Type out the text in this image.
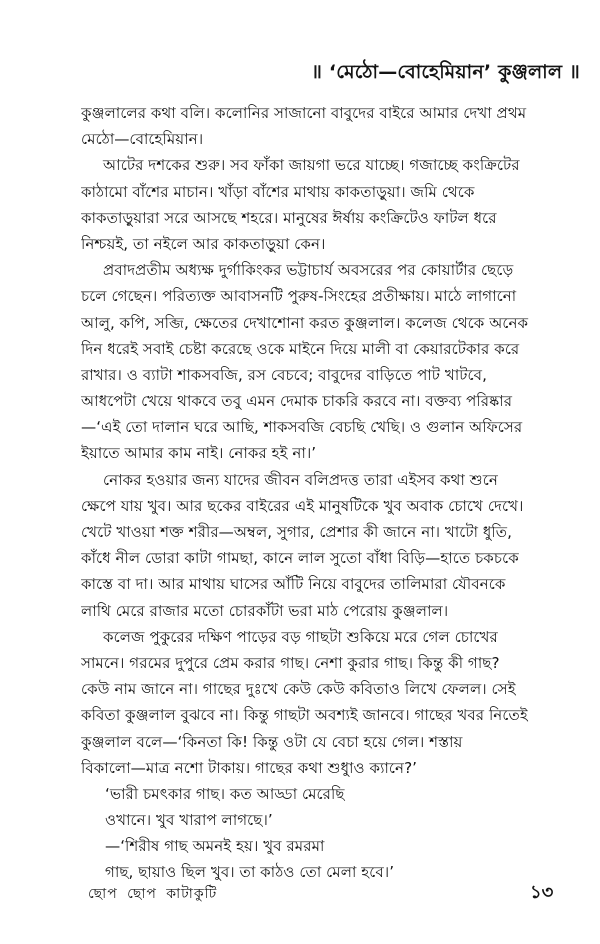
॥ ‘মেঠো—বোহেমিয়ান’ কুঞ্জলাল ॥
কুঞ্জলালের কথা বলি। কলোনির সাজানো বাবুদের বাইরে আমার দেখা প্রথম
মেঠো—বোহেমিয়ান।
আটের দশকের শুরু। সব ফাঁকা জায়গা ভরে যাচ্ছে। গজাচ্ছে কংক্রিটের
কাঠামো বাঁশের মাচান। খাঁড়া বাঁশের মাথায় কাকতাড়ুয়া। জমি থেকে
কাকতাড়ুয়ারা সরে আসছে শহরে। মানুষের ঈর্ষায় কংক্রিটেও ফাটল ধরে
নিশ্চয়ই, তা নইলে আর কাকতাড়ুয়া কেন।
প্রবাদপ্রতীম অধ্যক্ষ দুর্গাকিংকর ভট্টাচার্য অবসরের পর কোয়ার্টার ছেড়ে
চলে গেছেন। পরিত্যক্ত আবাসনটি পুরুষ-সিংহের প্রতীক্ষায়। মাঠে লাগানো
আলু, কপি, সব্জি, ক্ষেতের দেখাশোনা করত কুঞ্জলাল। কলেজ থেকে অনেক
দিন ধরেই সবাই চেষ্টা করেছে ওকে মাইনে দিয়ে মালী বা কেয়ারটেকার করে
রাখার। ও ব্যাটা শাকসবজি, রস বেচবে; বাবুদের বাড়িতে পাট খাটবে,
আধপেটা খেয়ে থাকবে তবু এমন দেমাক চাকরি করবে না। বক্তব্য পরিষ্কার
—‘এই তো দালান ঘরে আছি, শাকসবজি বেচছি খেছি। ও গুলান অফিসের
ইয়াতে আমার কাম নাই। নোকর হই না।’
নোকর হওয়ার জন্য যাদের জীবন বলিপ্রদত্ত তারা এইসব কথা শুনে
ক্ষেপে যায় খুব। আর ছকের বাইরের এই মানুষটিকে খুব অবাক চোখে দেখে।
খেটে খাওয়া শক্ত শরীর—অম্বল, সুগার, প্রেশার কী জানে না। খাটো ধুতি,
কাঁধে নীল ডোরা কাটা গামছা, কানে লাল সুতো বাঁধা বিড়ি—হাতে চকচকে
কাস্তে বা দা। আর মাথায় ঘাসের আঁটি নিয়ে বাবুদের তালিমারা যৌবনকে
লাথি মেরে রাজার মতো চোরকাঁটা ভরা মাঠ পেরোয় কুঞ্জলাল।
কলেজ পুকুরের দক্ষিণ পাড়ের বড় গাছটা শুকিয়ে মরে গেল চোখের
সামনে। গরমের দুপুরে প্রেম করার গাছ। নেশা কুরার গাছ। কিন্তু কী গাছ?
কেউ নাম জানে না। গাছের দুঃখে কেউ কেউ কবিতাও লিখে ফেলল। সেই
কবিতা কুঞ্জলাল বুঝবে না। কিন্তু গাছটা অবশ্যই জানবে। গাছের খবর নিতেই
কুঞ্জলাল বলে—‘কিনতা কি! কিন্তু ওটা যে বেচা হয়ে গেল। শস্তায়
বিকালো—মাত্র নশো টাকায়। গাছের কথা শুধুাও ক্যানে?’
‘ভারী চমৎকার গাছ। কত আড্ডা মেরেছি
ওখানে। খুব খারাপ লাগছে।’
—‘শিরীষ গাছ অমনই হয়। খুব রমরমা
গাছ, ছায়াও ছিল খুব। তা কাঠও তো মেলা হবে।’
ছোপ ছোপ কাটাকুটি	১৩
